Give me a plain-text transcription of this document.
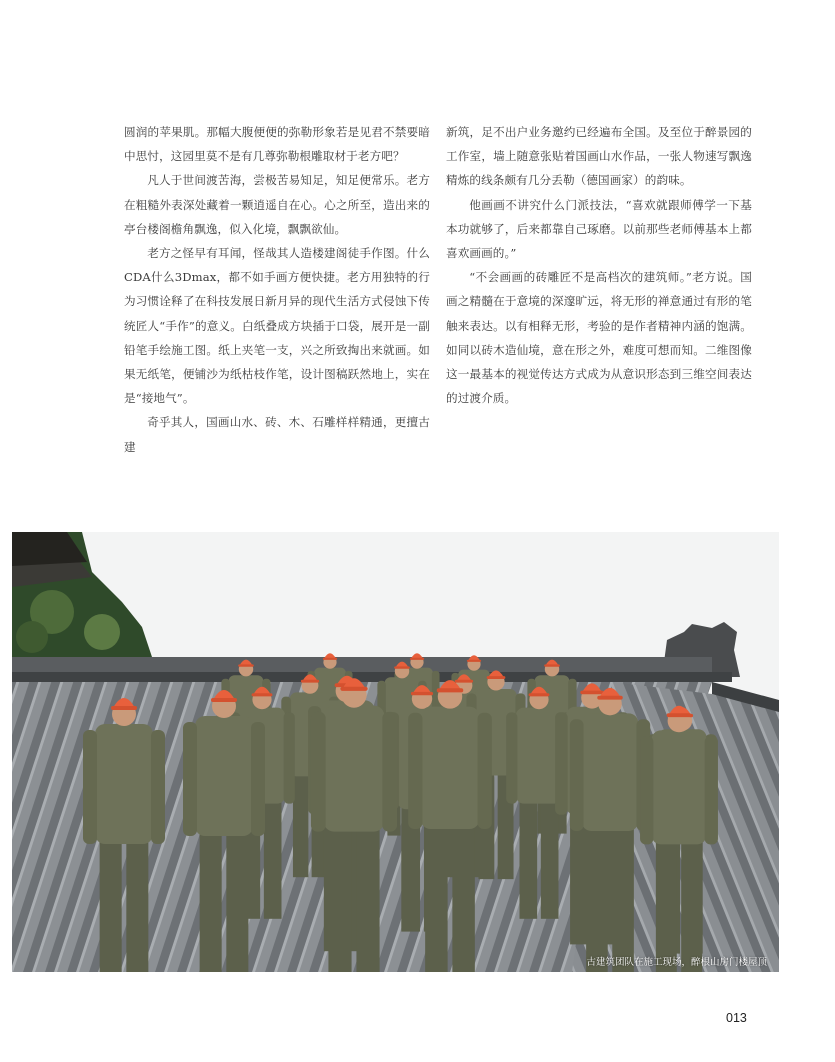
圆润的苹果肌。那幅大腹便便的弥勒形象若是见君不禁要暗中思忖，这园里莫不是有几尊弥勒根雕取材于老方吧？

凡人于世间渡苦海，尝极苦易知足，知足便常乐。老方在粗糙外表深处藏着一颗逍遥自在心。心之所至，造出来的亭台楼阁檐角飘逸，似入化境，飘飘欲仙。

老方之怪早有耳闻，怪哉其人造楼建阁徒手作图。什么CDA什么3Dmax，都不如手画方便快捷。老方用独特的行为习惯诠释了在科技发展日新月异的现代生活方式侵蚀下传统匠人“手作”的意义。白纸叠成方块插于口袋，展开是一副铅笔手绘施工图。纸上夹笔一支，兴之所致掏出来就画。如果无纸笔，便铺沙为纸枯枝作笔，设计图稿跃然地上，实在是“接地气”。

奇乎其人，国画山水、砖、木、石雕样样精通，更擅古建

新筑，足不出户业务邀约已经遍布全国。及至位于醉景园的工作室，墙上随意张贴着国画山水作品，一张人物速写飘逸精炼的线条颇有几分丢勒（德国画家）的韵味。

他画画不讲究什么门派技法，“喜欢就跟师傅学一下基本功就够了，后来都靠自己琢磨。以前那些老师傅基本上都喜欢画画的。”

“不会画画的砖雕匠不是高档次的建筑师。”老方说。国画之精髓在于意境的深邃旷远，将无形的禅意通过有形的笔触来表达。以有相释无形，考验的是作者精神内涵的饱满。如同以砖木造仙境，意在形之外，难度可想而知。二维图像这一最基本的视觉传达方式成为从意识形态到三维空间表达的过渡介质。

古建筑团队在施工现场，醉根山房门楼屋顶
013
